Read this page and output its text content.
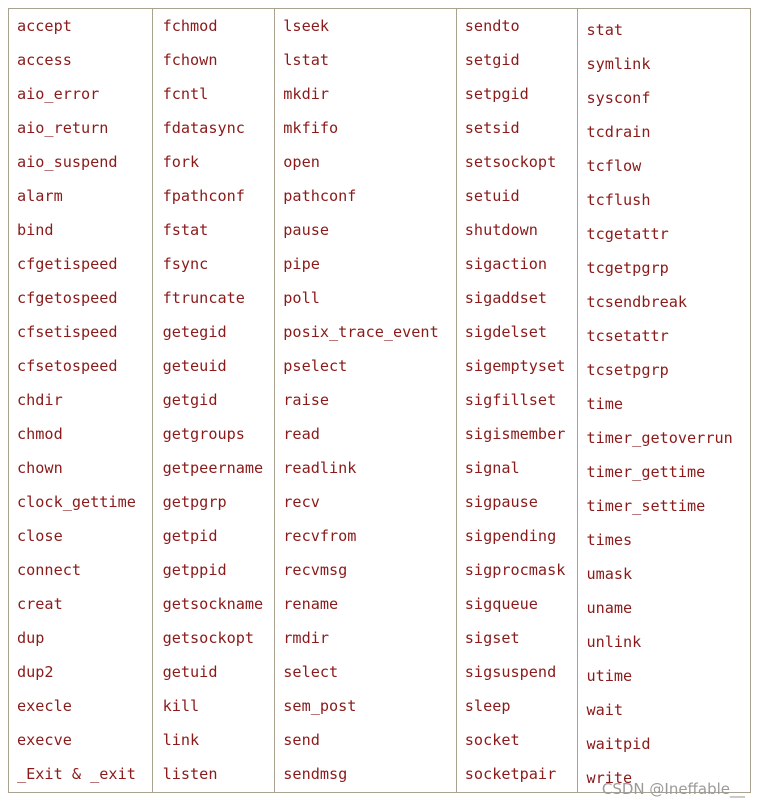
accept
access
aio_error
aio_return
aio_suspend
alarm
bind
cfgetispeed
cfgetospeed
cfsetispeed
cfsetospeed
chdir
chmod
chown
clock_gettime
close
connect
creat
dup
dup2
execle
execve
_Exit & _exit
fchmod
fchown
fcntl
fdatasync
fork
fpathconf
fstat
fsync
ftruncate
getegid
geteuid
getgid
getgroups
getpeername
getpgrp
getpid
getppid
getsockname
getsockopt
getuid
kill
link
listen
lseek
lstat
mkdir
mkfifo
open
pathconf
pause
pipe
poll
posix_trace_event
pselect
raise
read
readlink
recv
recvfrom
recvmsg
rename
rmdir
select
sem_post
send
sendmsg
sendto
setgid
setpgid
setsid
setsockopt
setuid
shutdown
sigaction
sigaddset
sigdelset
sigemptyset
sigfillset
sigismember
signal
sigpause
sigpending
sigprocmask
sigqueue
sigset
sigsuspend
sleep
socket
socketpair
stat
symlink
sysconf
tcdrain
tcflow
tcflush
tcgetattr
tcgetpgrp
tcsendbreak
tcsetattr
tcsetpgrp
time
timer_getoverrun
timer_gettime
timer_settime
times
umask
uname
unlink
utime
wait
waitpid
write
CSDN @Ineffable__
